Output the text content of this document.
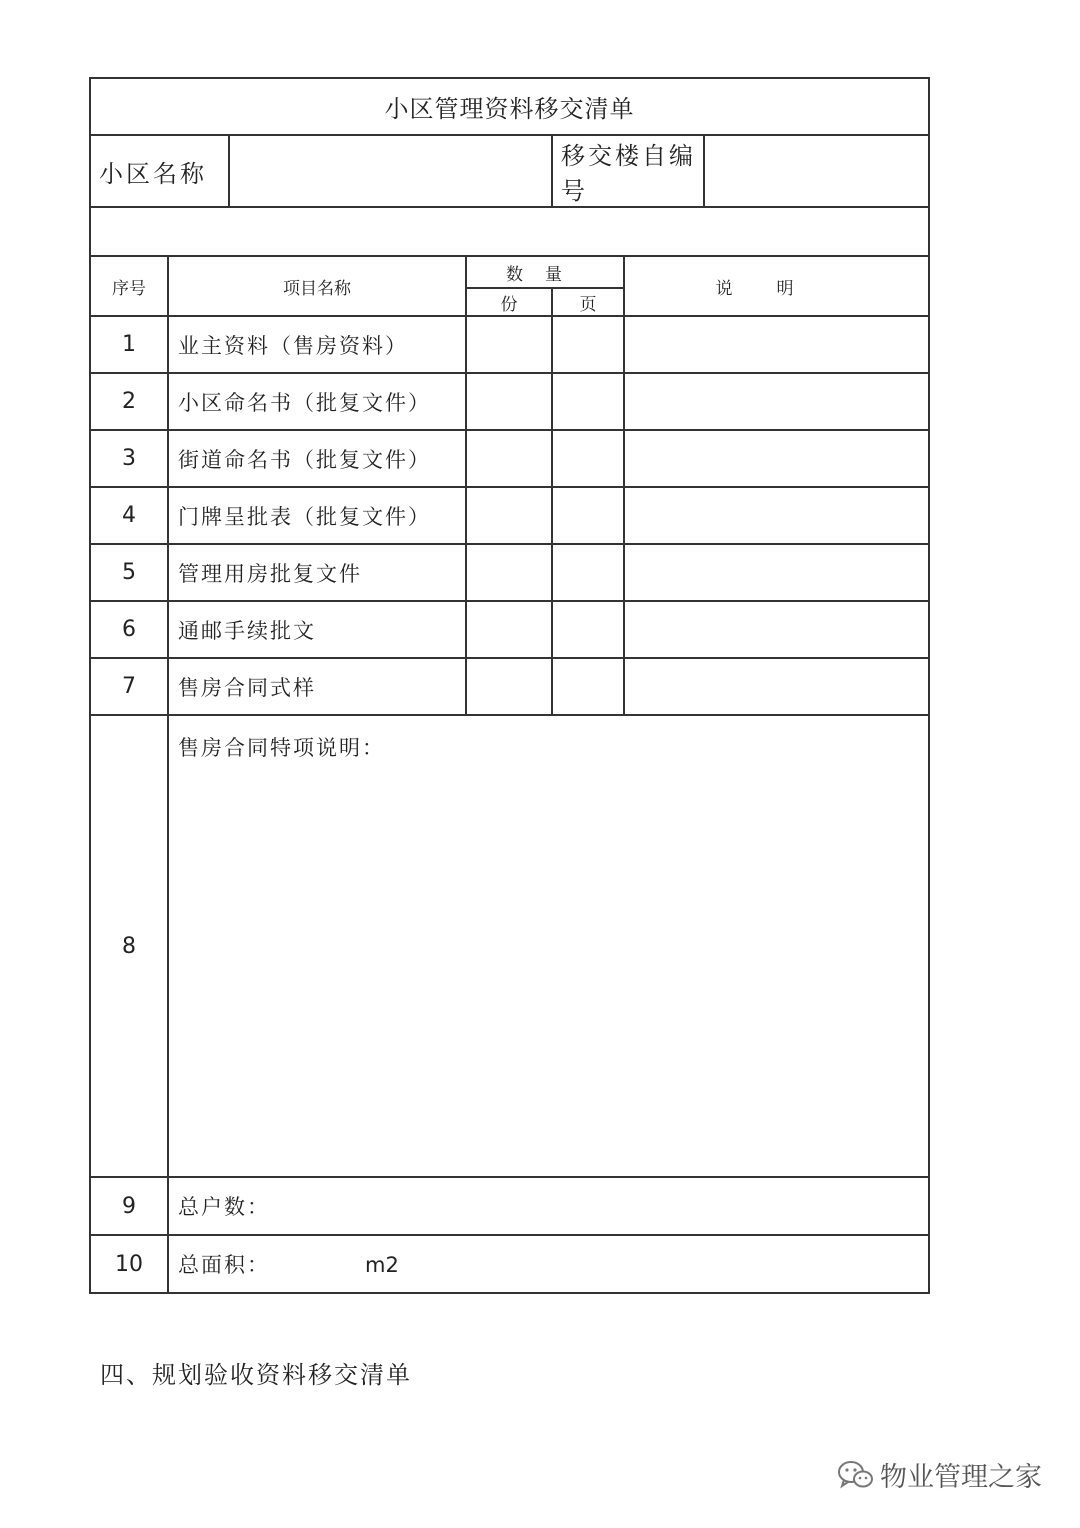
小区管理资料移交清单						
小区名称				移交楼自编号		

序号	项目名称		数量		说明	
			份	页		
1	业主资料（售房资料）					
2	小区命名书（批复文件）					
3	街道命名书（批复文件）					
4	门牌呈批表（批复文件）					
5	管理用房批复文件					
6	通邮手续批文					
7	售房合同式样					
8	售房合同特项说明：					
9	总户数：					
10	总面积： m2					
四、规划验收资料移交清单
物业管理之家
